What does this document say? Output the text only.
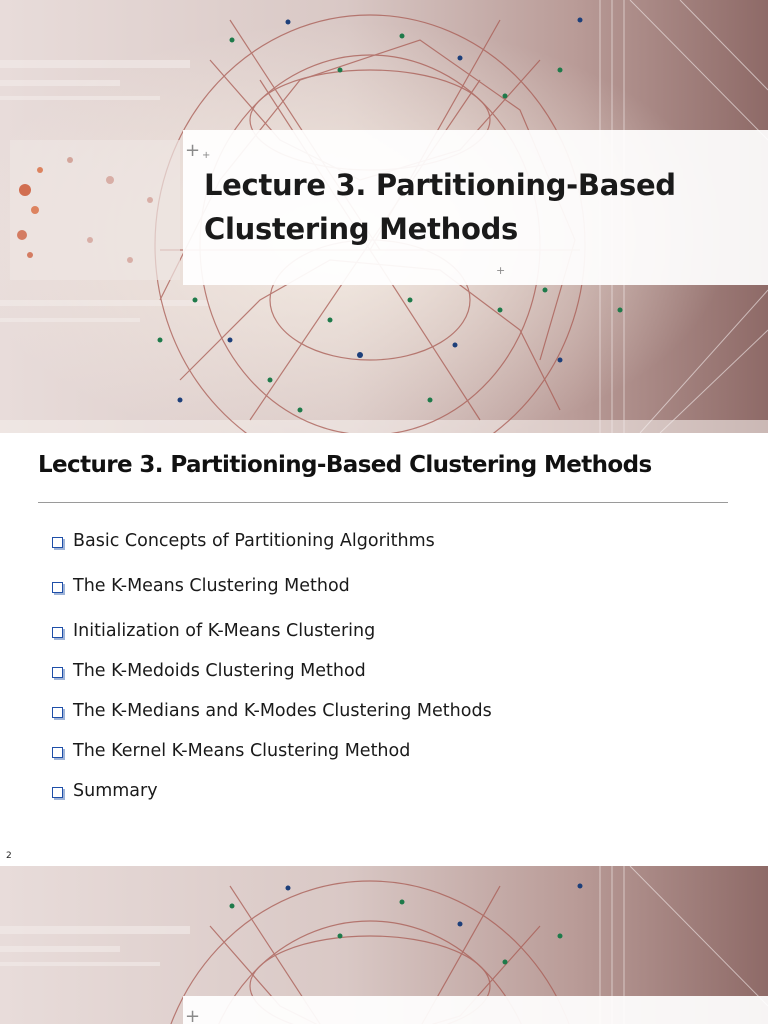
+ +
+
Lecture 3. Partitioning-Based Clustering Methods
Lecture 3. Partitioning-Based Clustering Methods
Basic Concepts of Partitioning Algorithms
The K-Means Clustering Method
Initialization of K-Means Clustering
The K-Medoids Clustering Method
The K-Medians and K-Modes Clustering Methods
The Kernel K-Means Clustering Method
Summary
2
+
